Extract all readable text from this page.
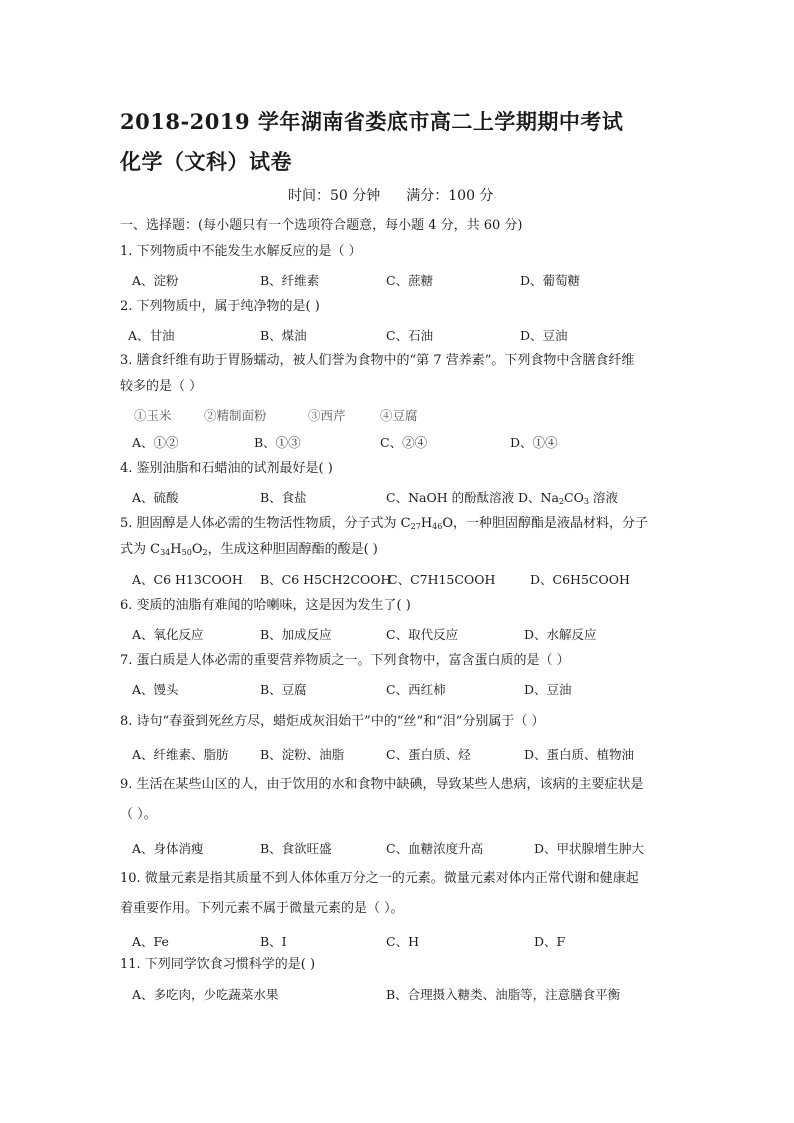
2018-2019 学年湖南省娄底市高二上学期期中考试
化学（文科）试卷
时间：50 分钟 满分：100 分
一、选择题：(每小题只有一个选项符合题意，每小题 4 分，共 60 分)
1. 下列物质中不能发生水解反应的是（ ）
A、淀粉	B、纤维素	C、蔗糖	D、葡萄糖
2. 下列物质中，属于纯净物的是( )
A、甘油	B、煤油	C、石油	D、豆油
3. 膳食纤维有助于胃肠蠕动，被人们誉为食物中的“第 7 营养素”。下列食物中含膳食纤维
较多的是（ ）
①玉米	②精制面粉	③西芹	④豆腐
A、①②	B、①③	C、②④	D、①④
4. 鉴别油脂和石蜡油的试剂最好是( )
A、硫酸	B、食盐	C、NaOH 的酚酞溶液 D、$Na_2CO_3$ 溶液
5. 胆固醇是人体必需的生物活性物质，分子式为 $C_{27}H_{46}O$，一种胆固醇酯是液晶材料，分子
式为 $C_{34}H_{50}O_2$，生成这种胆固醇酯的酸是( )
A、C6 H13COOH B、C6 H5CH2COOH
C、C7H15COOH	D、C6H5COOH
6. 变质的油脂有难闻的哈喇味，这是因为发生了( )
A、氧化反应	B、加成反应	C、取代反应	D、水解反应
7. 蛋白质是人体必需的重要营养物质之一。下列食物中，富含蛋白质的是（ ）
A、馒头	B、豆腐	C、西红柿	D、豆油
8. 诗句“春蚕到死丝方尽，蜡炬成灰泪始干”中的“丝”和“泪”分别属于（ ）
A、纤维素、脂肪	B、淀粉、油脂	C、蛋白质、烃	D、蛋白质、植物油
9. 生活在某些山区的人，由于饮用的水和食物中缺碘，导致某些人患病，该病的主要症状是
（ ）。
A、身体消瘦	B、食欲旺盛	C、血糖浓度升高	D、甲状腺增生肿大
10. 微量元素是指其质量不到人体体重万分之一的元素。微量元素对体内正常代谢和健康起
着重要作用。下列元素不属于微量元素的是（ ）。
A、Fe	B、I	C、H	D、F
11. 下列同学饮食习惯科学的是( )
A、多吃肉，少吃蔬菜水果	B、合理摄入糖类、油脂等，注意膳食平衡
